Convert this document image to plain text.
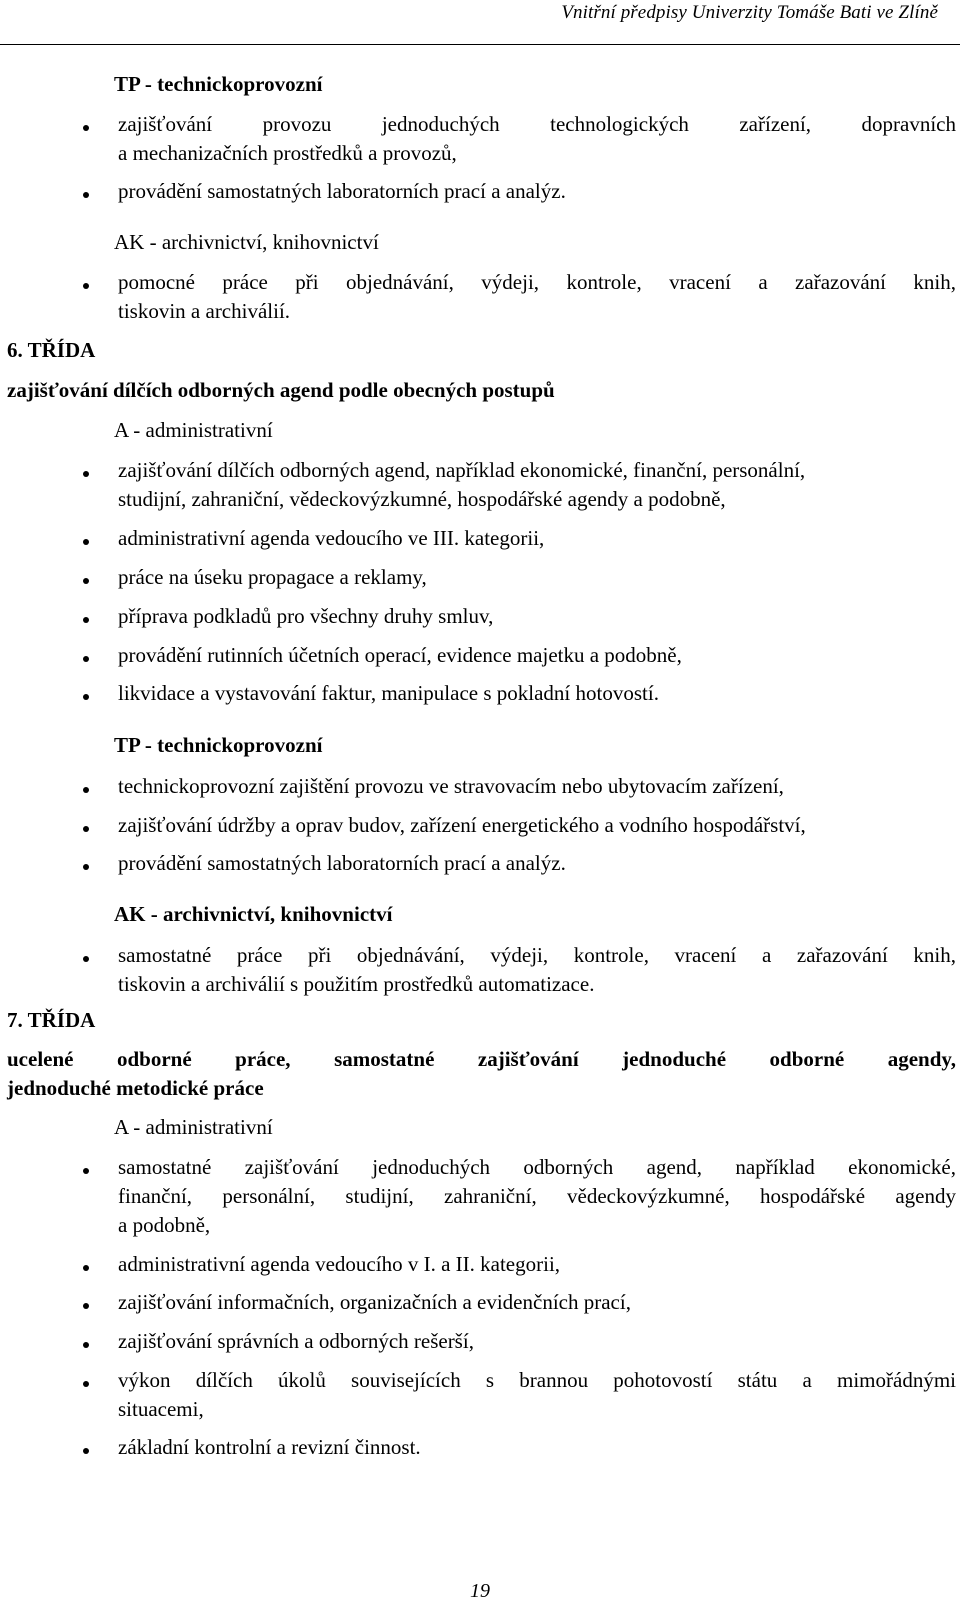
Vnitřní předpisy Univerzity Tomáše Bati ve Zlíně
TP - technickoprovozní
zajišťování provozu jednoduchých technologických zařízení, dopravních
a mechanizačních prostředků a provozů,
provádění samostatných laboratorních prací a analýz.
AK - archivnictví, knihovnictví
pomocné práce při objednávání, výdeji, kontrole, vracení a zařazování knih,
tiskovin a archiválií.
6. TŘÍDA
zajišťování dílčích odborných agend podle obecných postupů
A - administrativní
zajišťování dílčích odborných agend, například ekonomické, finanční, personální,
studijní, zahraniční, vědeckovýzkumné, hospodářské agendy a podobně,
administrativní agenda vedoucího ve III. kategorii,
práce na úseku propagace a reklamy,
příprava podkladů pro všechny druhy smluv,
provádění rutinních účetních operací, evidence majetku a podobně,
likvidace a vystavování faktur, manipulace s pokladní hotovostí.
TP - technickoprovozní
technickoprovozní zajištění provozu ve stravovacím nebo ubytovacím zařízení,
zajišťování údržby a oprav budov, zařízení energetického a vodního hospodářství,
provádění samostatných laboratorních prací a analýz.
AK - archivnictví, knihovnictví
samostatné práce při objednávání, výdeji, kontrole, vracení a zařazování knih,
tiskovin a archiválií s použitím prostředků automatizace.
7. TŘÍDA
ucelené odborné práce, samostatné zajišťování jednoduché odborné agendy,
jednoduché metodické práce
A - administrativní
samostatné zajišťování jednoduchých odborných agend, například ekonomické,
finanční, personální, studijní, zahraniční, vědeckovýzkumné, hospodářské agendy
a podobně,
administrativní agenda vedoucího v I. a II. kategorii,
zajišťování informačních, organizačních a evidenčních prací,
zajišťování správních a odborných rešerší,
výkon dílčích úkolů souvisejících s brannou pohotovostí státu a mimořádnými
situacemi,
základní kontrolní a revizní činnost.
19
